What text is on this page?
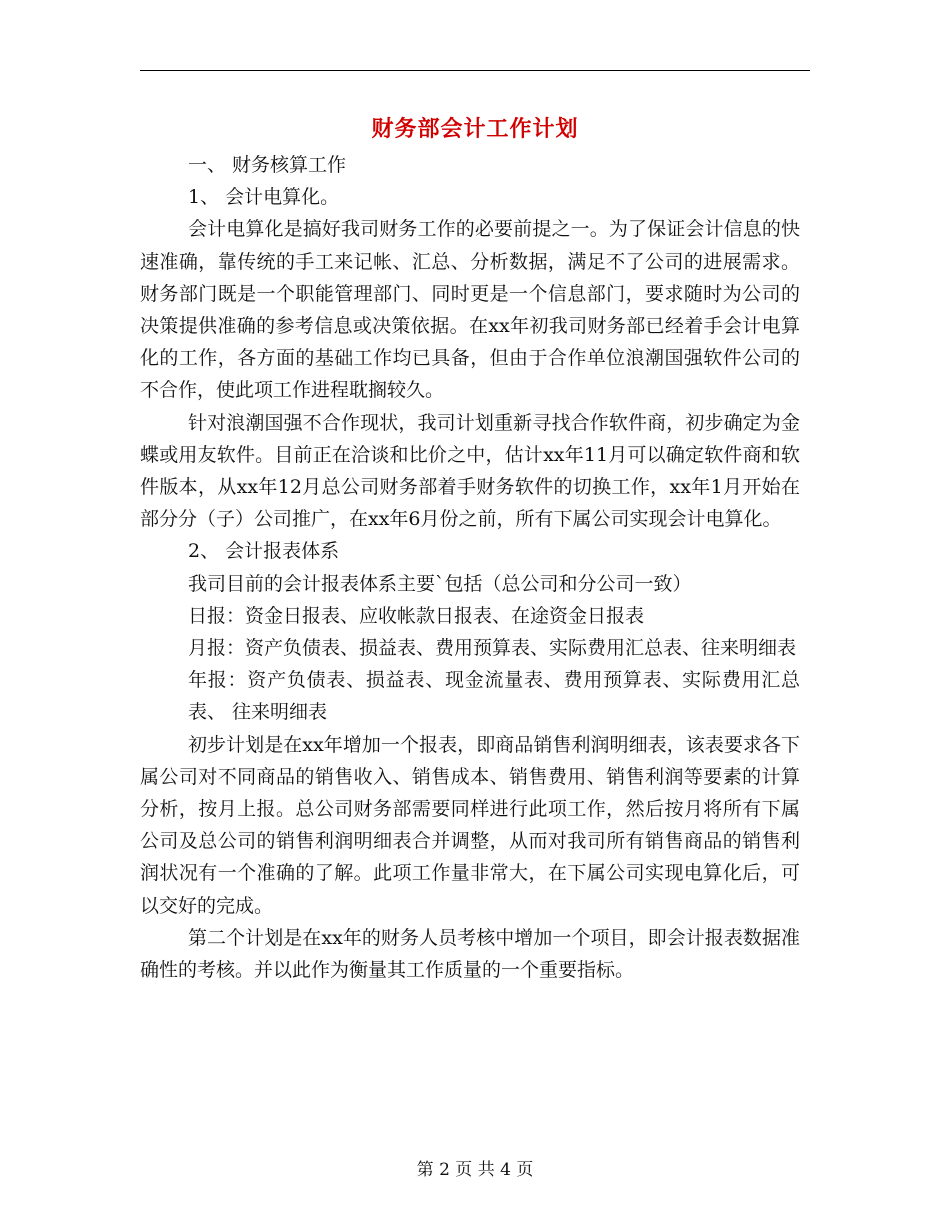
财务部会计工作计划

一、 财务核算工作

1、 会计电算化。

会计电算化是搞好我司财务工作的必要前提之一。为了保证会计信息的快速准确，靠传统的手工来记帐、汇总、分析数据，满足不了公司的进展需求。财务部门既是一个职能管理部门、同时更是一个信息部门，要求随时为公司的决策提供准确的参考信息或决策依据。在xx年初我司财务部已经着手会计电算化的工作，各方面的基础工作均已具备，但由于合作单位浪潮国强软件公司的不合作，使此项工作进程耽搁较久。

针对浪潮国强不合作现状，我司计划重新寻找合作软件商，初步确定为金蝶或用友软件。目前正在洽谈和比价之中，估计xx年11月可以确定软件商和软件版本，从xx年12月总公司财务部着手财务软件的切换工作，xx年1月开始在部分分（子）公司推广，在xx年6月份之前，所有下属公司实现会计电算化。

2、 会计报表体系

我司目前的会计报表体系主要`包括（总公司和分公司一致）

日报：资金日报表、应收帐款日报表、在途资金日报表

月报：资产负债表、损益表、费用预算表、实际费用汇总表、往来明细表

年报：资产负债表、损益表、现金流量表、费用预算表、实际费用汇总表、 往来明细表

初步计划是在xx年增加一个报表，即商品销售利润明细表，该表要求各下属公司对不同商品的销售收入、销售成本、销售费用、销售利润等要素的计算分析，按月上报。总公司财务部需要同样进行此项工作，然后按月将所有下属公司及总公司的销售利润明细表合并调整，从而对我司所有销售商品的销售利润状况有一个准确的了解。此项工作量非常大，在下属公司实现电算化后，可以交好的完成。

第二个计划是在xx年的财务人员考核中增加一个项目，即会计报表数据准确性的考核。并以此作为衡量其工作质量的一个重要指标。

第 2 页 共 4 页
